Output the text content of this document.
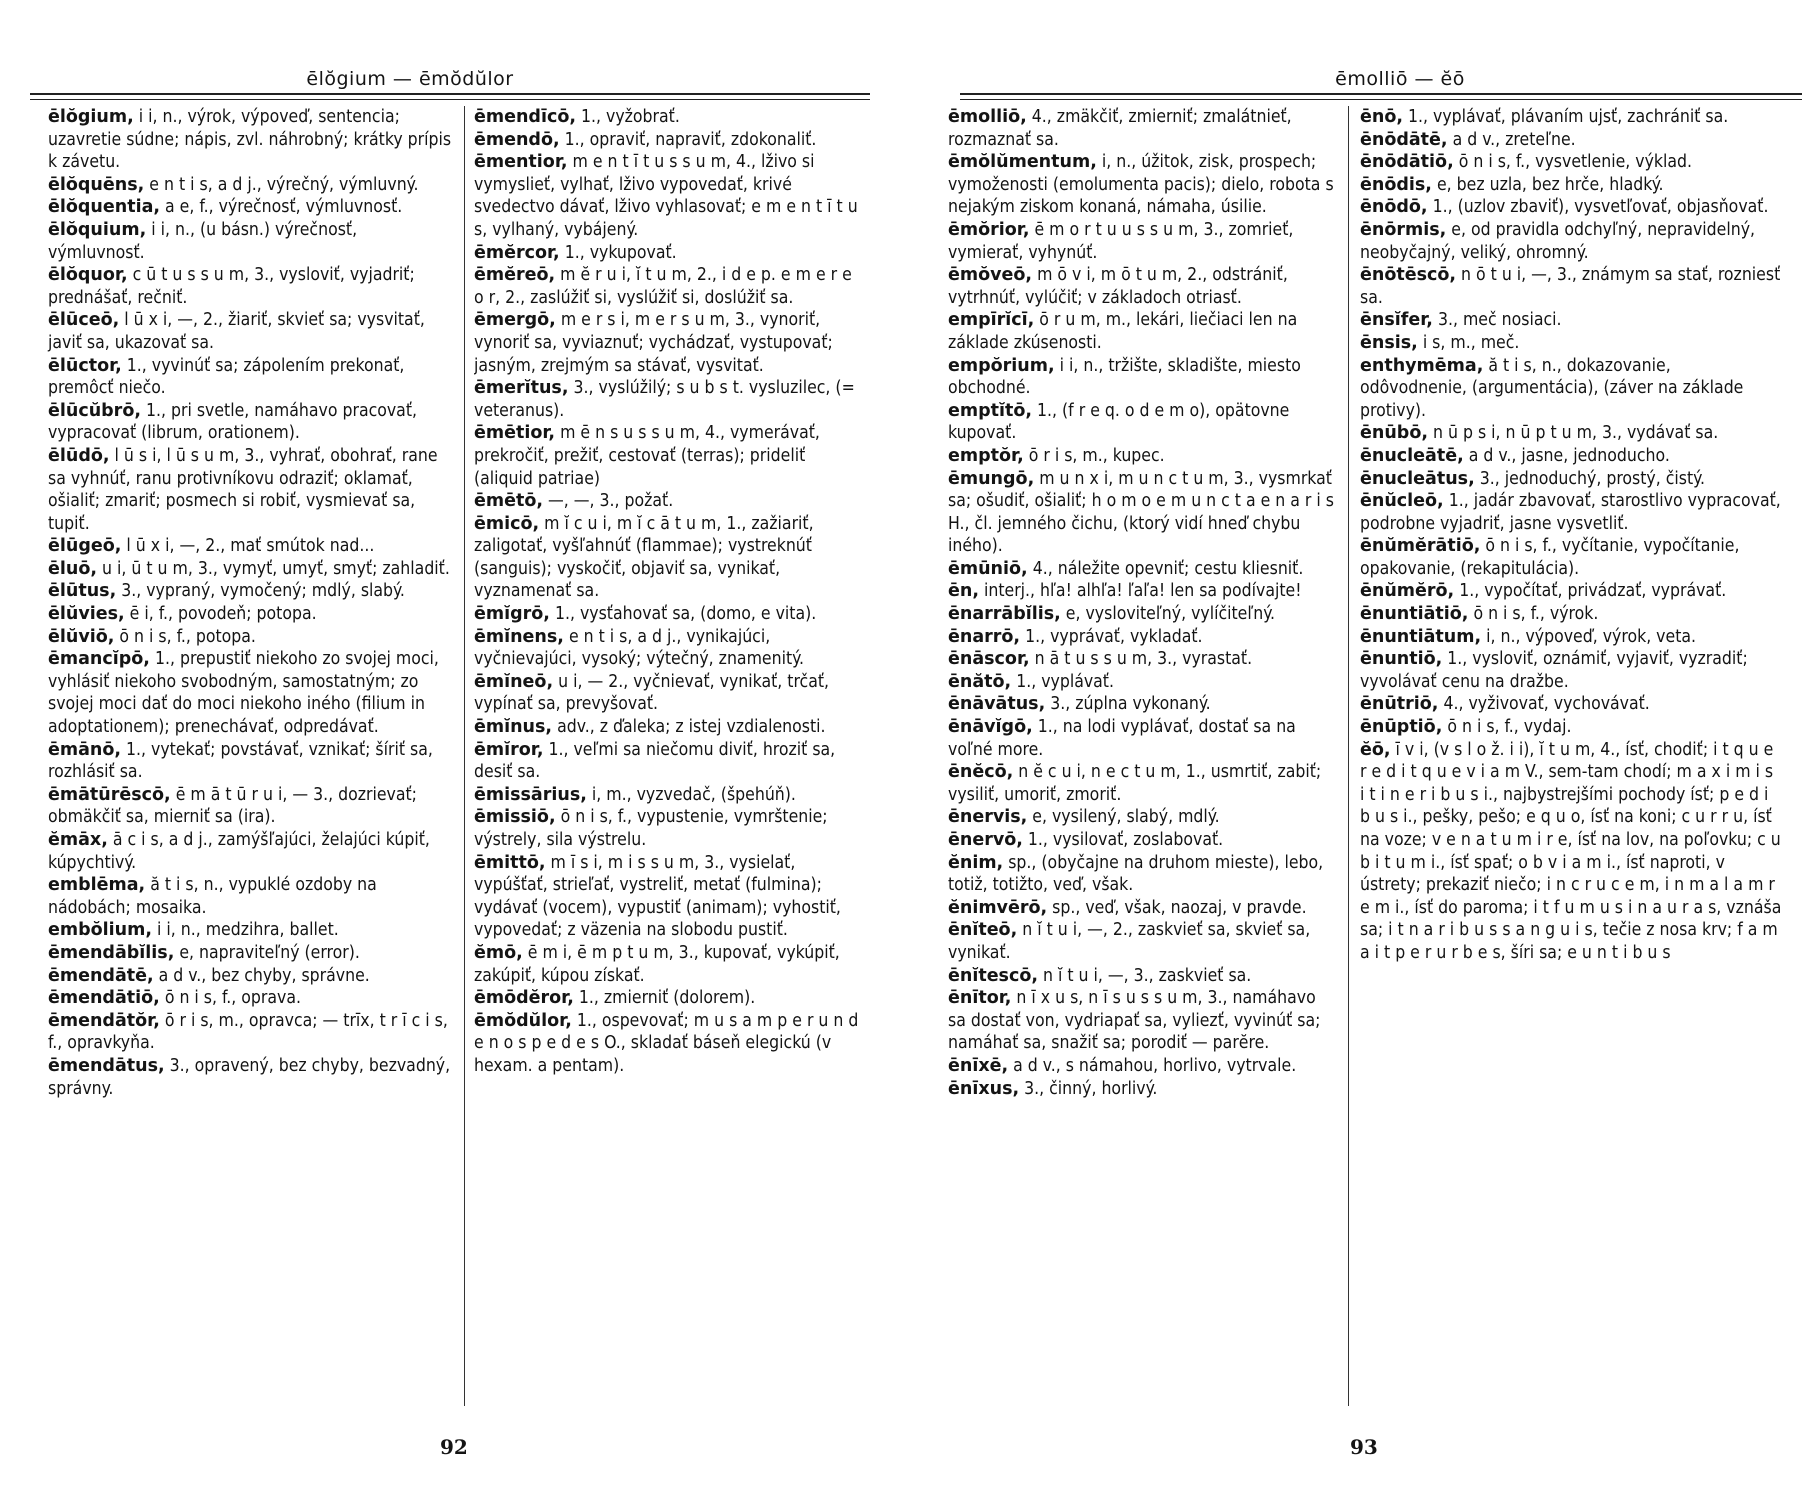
ēlŏgium — ēmŏdŭlor
ēlŏgium, i i, n., výrok, výpoveď, sentencia; uzavretie súdne; nápis, zvl. náhrobný; krátky prípis k závetu.
ēlŏquēns, e n t i s, a d j., výrečný, výmluvný.
ēlŏquentia, a e, f., výrečnosť, výmluvnosť.
ēlŏquium, i i, n., (u básn.) výrečnosť, výmluvnosť.
ēlŏquor, c ū t u s s u m, 3., vysloviť, vyjadriť; prednášať, rečniť.
ēlūceō, l ū x i, —, 2., žiariť, skvieť sa; vysvitať, javiť sa, ukazovať sa.
ēlūctor, 1., vyvinúť sa; zápolením prekonať, premôcť niečo.
ēlūcŭbrō, 1., pri svetle, namáhavo pracovať, vypracovať (librum, orationem).
ēlūdō, l ū s i, l ū s u m, 3., vyhrať, obohrať, rane sa vyhnúť, ranu protivníkovu odraziť; oklamať, ošialiť; zmariť; posmech si robiť, vysmievať sa, tupiť.
ēlūgeō, l ū x i, —, 2., mať smútok nad...
ēluō, u i, ū t u m, 3., vymyť, umyť, smyť; zahladiť.
ēlūtus, 3., vypraný, vymočený; mdlý, slabý.
ēlŭvies, ē i, f., povodeň; potopa.
ēlŭviō, ō n i s, f., potopa.
ēmancĭpō, 1., prepustiť niekoho zo svojej moci, vyhlásiť niekoho svobodným, samostatným; zo svojej moci dať do moci niekoho iného (filium in adoptationem); prenechávať, odpredávať.
ēmānō, 1., vytekať; povstávať, vznikať; šíriť sa, rozhlásiť sa.
ēmātūrēscō, ē m ā t ū r u i, — 3., dozrievať; obmäkčiť sa, mierniť sa (ira).
ĕmāx, ā c i s, a d j., zamýšľajúci, želajúci kúpiť, kúpychtivý.
emblēma, ă t i s, n., vypuklé ozdoby na nádobách; mosaika.
embŏlium, i i, n., medzihra, ballet.
ēmendābĭlis, e, napraviteľný (error).
ēmendātē, a d v., bez chyby, správne.
ēmendātiō, ō n i s, f., oprava.
ēmendātŏr, ō r i s, m., opravca; — trīx, t r ī c i s, f., opravkyňa.
ēmendātus, 3., opravený, bez chyby, bezvadný, správny.
ēmendīcō, 1., vyžobrať.
ēmendō, 1., opraviť, napraviť, zdokonaliť.
ēmentior, m e n t ī t u s s u m, 4., lživo si vymyslieť, vylhať, lživo vypovedať, krivé svedectvo dávať, lživo vyhlasovať; e m e n t ī t u s, vylhaný, vybájený.
ēmĕrcor, 1., vykupovať.
ēmĕreō, m ĕ r u i, ĭ t u m, 2., i d e p. e m e r e o r, 2., zaslúžiť si, vyslúžiť si, doslúžiť sa.
ēmergō, m e r s i, m e r s u m, 3., vynoriť, vynoriť sa, vyviaznuť; vychádzať, vystupovať; jasným, zrejmým sa stávať, vysvitať.
ēmerĭtus, 3., vyslúžilý; s u b s t. vysluzilec, (= veteranus).
ēmētior, m ē n s u s s u m, 4., vymerávať, prekročiť, prežiť, cestovať (terras); prideliť (aliquid patriae)
ēmētō, —, —, 3., požať.
ēmicō, m ĭ c u i, m ĭ c ā t u m, 1., zažiariť, zaligotať, vyšľahnúť (flammae); vystreknúť (sanguis); vyskočiť, objaviť sa, vynikať, vyznamenať sa.
ēmĭgrō, 1., vysťahovať sa, (domo, e vita).
ēmĭnens, e n t i s, a d j., vynikajúci, vyčnievajúci, vysoký; výtečný, znamenitý.
ēmĭneō, u i, — 2., vyčnievať, vynikať, trčať, vypínať sa, prevyšovať.
ēmĭnus, adv., z ďaleka; z istej vzdialenosti.
ēmĭror, 1., veľmi sa niečomu diviť, hroziť sa, desiť sa.
ēmissārius, i, m., vyzvedač, (špehúň).
ēmissiō, ō n i s, f., vypustenie, vymrštenie; výstrely, sila výstrelu.
ēmittō, m ī s i, m i s s u m, 3., vysielať, vypúšťať, strieľať, vystreliť, metať (fulmina); vydávať (vocem), vypustiť (animam); vyhostiť, vypovedať; z väzenia na slobodu pustiť.
ĕmō, ē m i, ē m p t u m, 3., kupovať, vykúpiť, zakúpiť, kúpou získať.
ēmōdĕror, 1., zmierniť (dolorem).
ēmŏdŭlor, 1., ospevovať; m u s a m p e r u n d e n o s p e d e s O., skladať báseň elegickú (v hexam. a pentam).
92
ēmolliō — ĕō
ēmolliō, 4., zmäkčiť, zmierniť; zmalátnieť, rozmaznať sa.
ēmŏlŭmentum, i, n., úžitok, zisk, prospech; vymoženosti (emolumenta pacis); dielo, robota s nejakým ziskom konaná, námaha, úsilie.
ēmŏrior, ē m o r t u u s s u m, 3., zomrieť, vymierať, vyhynúť.
ēmŏveō, m ō v i, m ō t u m, 2., odstrániť, vytrhnúť, vylúčiť; v základoch otriasť.
empīrĭcī, ō r u m, m., lekári, liečiaci len na základe zkúsenosti.
empŏrium, i i, n., tržište, skladište, miesto obchodné.
emptĭtō, 1., (f r e q. o d e m o), opätovne kupovať.
emptŏr, ō r i s, m., kupec.
ēmungō, m u n x i, m u n c t u m, 3., vysmrkať sa; ošudiť, ošialiť; h o m o e m u n c t a e n a r i s H., čl. jemného čichu, (ktorý vidí hneď chybu iného).
ēmūniō, 4., náležite opevniť; cestu kliesniť.
ēn, interj., hľa! alhľa! ľaľa! len sa podívajte!
ēnarrābĭlis, e, vysloviteľný, vylíčiteľný.
ēnarrō, 1., vyprávať, vykladať.
ēnāscor, n ā t u s s u m, 3., vyrastať.
ēnătō, 1., vyplávať.
ēnāvātus, 3., zúplna vykonaný.
ēnāvĭgō, 1., na lodi vyplávať, dostať sa na voľné more.
ēnĕcō, n ĕ c u i, n e c t u m, 1., usmrtiť, zabiť; vysiliť, umoriť, zmoriť.
ēnervis, e, vysilený, slabý, mdlý.
ēnervō, 1., vysilovať, zoslabovať.
ĕnim, sp., (obyčajne na druhom mieste), lebo, totiž, totižto, veď, však.
ĕnimvērō, sp., veď, však, naozaj, v pravde.
ēnĭteō, n ĭ t u i, —, 2., zaskvieť sa, skvieť sa, vynikať.
ēnĭtescō, n ĭ t u i, —, 3., zaskvieť sa.
ēnītor, n ī x u s, n ī s u s s u m, 3., namáhavo sa dostať von, vydriapať sa, vyliezť, vyvinúť sa; namáhať sa, snažiť sa; porodiť — parĕre.
ēnīxē, a d v., s námahou, horlivo, vytrvale.
ēnīxus, 3., činný, horlivý.
ēnō, 1., vyplávať, plávaním ujsť, zachrániť sa.
ēnōdātē, a d v., zreteľne.
ēnōdātiō, ō n i s, f., vysvetlenie, výklad.
ēnōdis, e, bez uzla, bez hrče, hladký.
ēnōdō, 1., (uzlov zbaviť), vysvetľovať, objasňovať.
ēnōrmis, e, od pravidla odchyľný, nepravidelný, neobyčajný, veliký, ohromný.
ēnōtēscō, n ō t u i, —, 3., známym sa stať, rozniesť sa.
ēnsĭfer, 3., meč nosiaci.
ēnsis, i s, m., meč.
enthymēma, ă t i s, n., dokazovanie, odôvodnenie, (argumentácia), (záver na základe protivy).
ēnūbō, n ū p s i, n ū p t u m, 3., vydávať sa.
ēnucleātē, a d v., jasne, jednoducho.
ēnucleātus, 3., jednoduchý, prostý, čistý.
ēnŭcleō, 1., jadár zbavovať, starostlivo vypracovať, podrobne vyjadriť, jasne vysvetliť.
ēnŭmĕrātiō, ō n i s, f., vyčítanie, vypočítanie, opakovanie, (rekapitulácia).
ēnŭmĕrō, 1., vypočítať, privádzať, vyprávať.
ēnuntiātiō, ō n i s, f., výrok.
ēnuntiātum, i, n., výpoveď, výrok, veta.
ēnuntiō, 1., vysloviť, oznámiť, vyjaviť, vyzradiť; vyvolávať cenu na dražbe.
ēnūtriō, 4., vyživovať, vychovávať.
ēnūptiō, ō n i s, f., vydaj.
ĕō, ī v i, (v s l o ž. i i), ĭ t u m, 4., ísť, chodiť; i t q u e r e d i t q u e v i a m V., sem-tam chodí; m a x i m i s i t i n e r i b u s i., najbystrejšími pochody ísť; p e d i b u s i., pešky, pešo; e q u o, ísť na koni; c u r r u, ísť na voze; v e n a t u m i r e, ísť na lov, na poľovku; c u b i t u m i., ísť spať; o b v i a m i., ísť naproti, v ústrety; prekaziť niečo; i n c r u c e m, i n m a l a m r e m i., ísť do paroma; i t f u m u s i n a u r a s, vznáša sa; i t n a r i b u s s a n g u i s, tečie z nosa krv; f a m a i t p e r u r b e s, šíri sa; e u n t i b u s
93
